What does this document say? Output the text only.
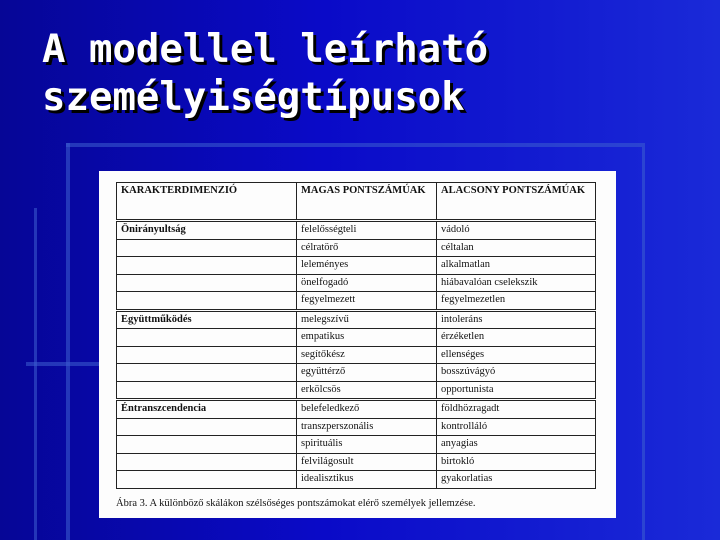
A modellel leírható
személyiségtípusok
KARAKTERDIMENZIÓ	MAGAS PONTSZÁMÚAK	ALACSONY PONTSZÁMÚAK
Önirányultság	felelősségteli	vádoló
	célratörő	céltalan
	leleményes	alkalmatlan
	önelfogadó	hiábavalóan cselekszik
	fegyelmezett	fegyelmezetlen
Együttműködés	melegszívű	intoleráns
	empatikus	érzéketlen
	segítőkész	ellenséges
	együttérző	bosszúvágyó
	erkölcsös	opportunista
Éntranszcendencia	belefeledkező	földhözragadt
	transzperszonális	kontrolláló
	spirituális	anyagias
	felvilágosult	birtokló
	idealisztikus	gyakorlatias
Ábra 3. A különböző skálákon szélsőséges pontszámokat elérő személyek jellemzése.
